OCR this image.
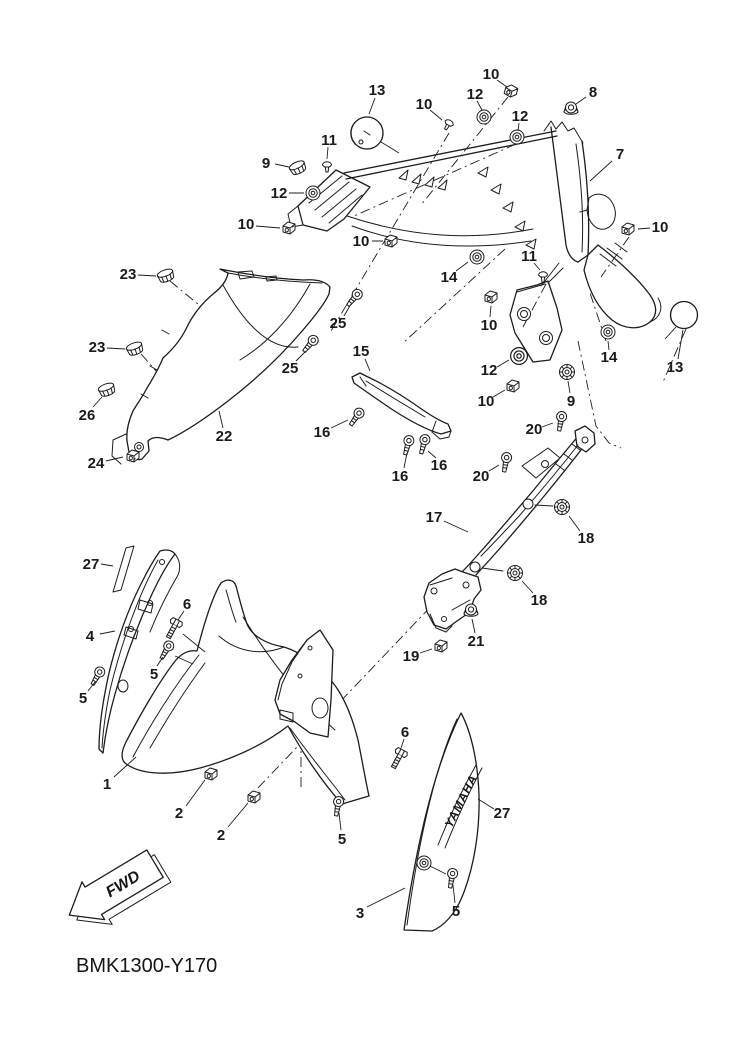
YAMAHA
10
13	12	8
10
12
11
7
9
12
10	10
10
11
14
23
10
25
23	15	14
13
12
25
9
10
26
16	20
22
16
16	20
24
17
18
27
18
6
4	21
19
5
5
6
1
2
2	5
3	5
27
FWD
BMK1300-Y170
